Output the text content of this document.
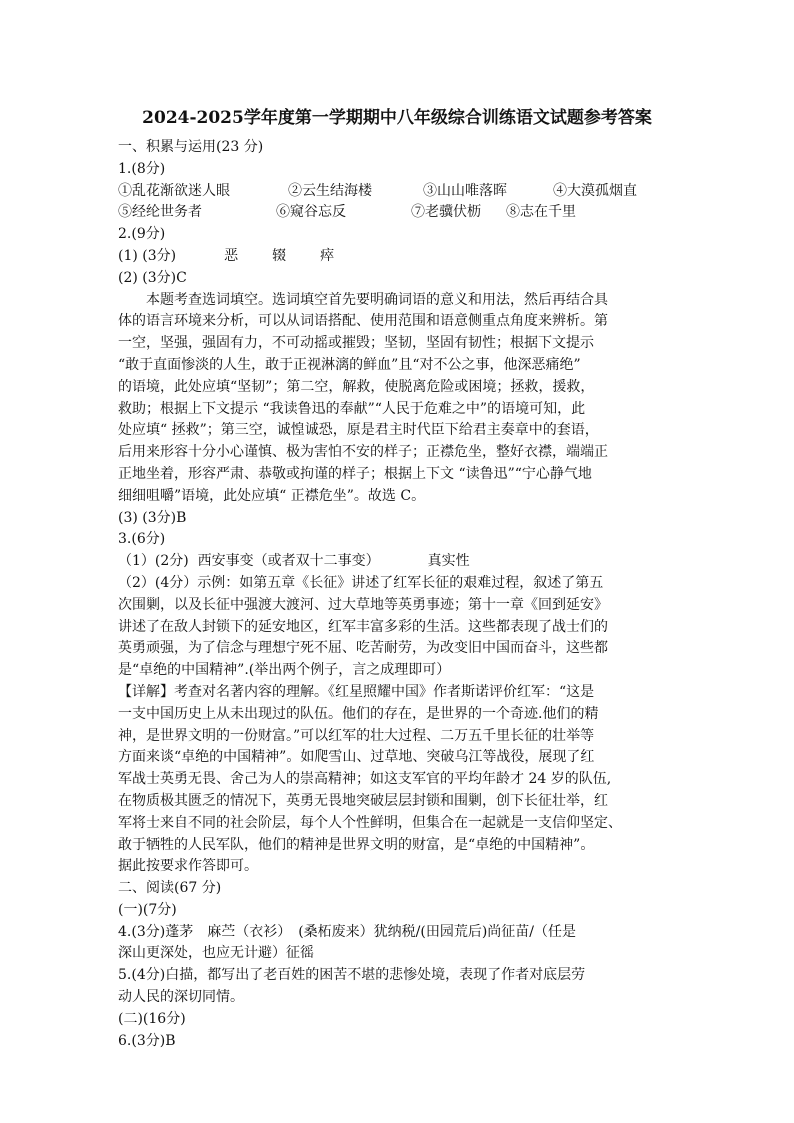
2024-2025学年度第一学期期中八年级综合训练语文试题参考答案
一、积累与运用(23 分)
1.(8分)
①乱花渐欲迷人眼	②云生结海楼	③山山唯落晖	④大漠孤烟直
⑤经纶世务者	⑥窥谷忘反	⑦老骥伏枥 ⑧志在千里
2.(9分)
(1) (3分)	恶 辍 瘁
(2) (3分)C
本题考查选词填空。选词填空首先要明确词语的意义和用法，然后再结合具
体的语言环境来分析，可以从词语搭配、使用范围和语意侧重点角度来辨析。第
一空，坚强，强固有力，不可动摇或摧毁；坚韧，坚固有韧性；根据下文提示
“敢于直面惨淡的人生，敢于正视淋漓的鲜血”且“对不公之事，他深恶痛绝”
的语境，此处应填“坚韧”；第二空，解救，使脱离危险或困境；拯救，援救，
救助；根据上下文提示 “我读鲁迅的奉献”“人民于危难之中”的语境可知，此
处应填“ 拯救”；第三空，诚惶诚恐，原是君主时代臣下给君主奏章中的套语，
后用来形容十分小心谨慎、极为害怕不安的样子；正襟危坐，整好衣襟，端端正
正地坐着，形容严肃、恭敬或拘谨的样子；根据上下文 “读鲁迅”“宁心静气地
细细咀嚼”语境，此处应填“ 正襟危坐”。故选 C。
(3) (3分)B
3.(6分)
（1）(2分) 西安事变（或者双十二事变）	真实性
（2）(4分）示例：如第五章《长征》讲述了红军长征的艰难过程，叙述了第五
次围剿，以及长征中强渡大渡河、过大草地等英勇事迹；第十一章《回到延安》
讲述了在敌人封锁下的延安地区，红军丰富多彩的生活。这些都表现了战士们的
英勇顽强，为了信念与理想宁死不屈、吃苦耐劳，为改变旧中国而奋斗，这些都
是“卓绝的中国精神”.(举出两个例子，言之成理即可）
【详解】考查对名著内容的理解。《红星照耀中国》作者斯诺评价红军：“这是
一支中国历史上从未出现过的队伍。他们的存在，是世界的一个奇迹.他们的精
神，是世界文明的一份财富。”可以红军的壮大过程、二万五千里长征的壮举等
方面来谈“卓绝的中国精神”。如爬雪山、过草地、突破乌江等战役，展现了红
军战士英勇无畏、舍己为人的崇高精神；如这支军官的平均年龄才 24 岁的队伍,
在物质极其匮乏的情况下，英勇无畏地突破层层封锁和围剿，创下长征壮举，红
军将士来自不同的社会阶层，每个人个性鲜明，但集合在一起就是一支信仰坚定、
敢于牺牲的人民军队，他们的精神是世界文明的财富，是“卓绝的中国精神”。
据此按要求作答即可。
二、阅读(67 分)
(一)(7分)
4.(3分)蓬茅　麻苎（衣衫）　(桑柘废来）犹纳税/(田园荒后)尚征苗/（任是
深山更深处，也应无计避）征徭
5.(4分)白描，都写出了老百姓的困苦不堪的悲惨处境，表现了作者对底层劳
动人民的深切同情。
(二)(16分)
6.(3分)B
